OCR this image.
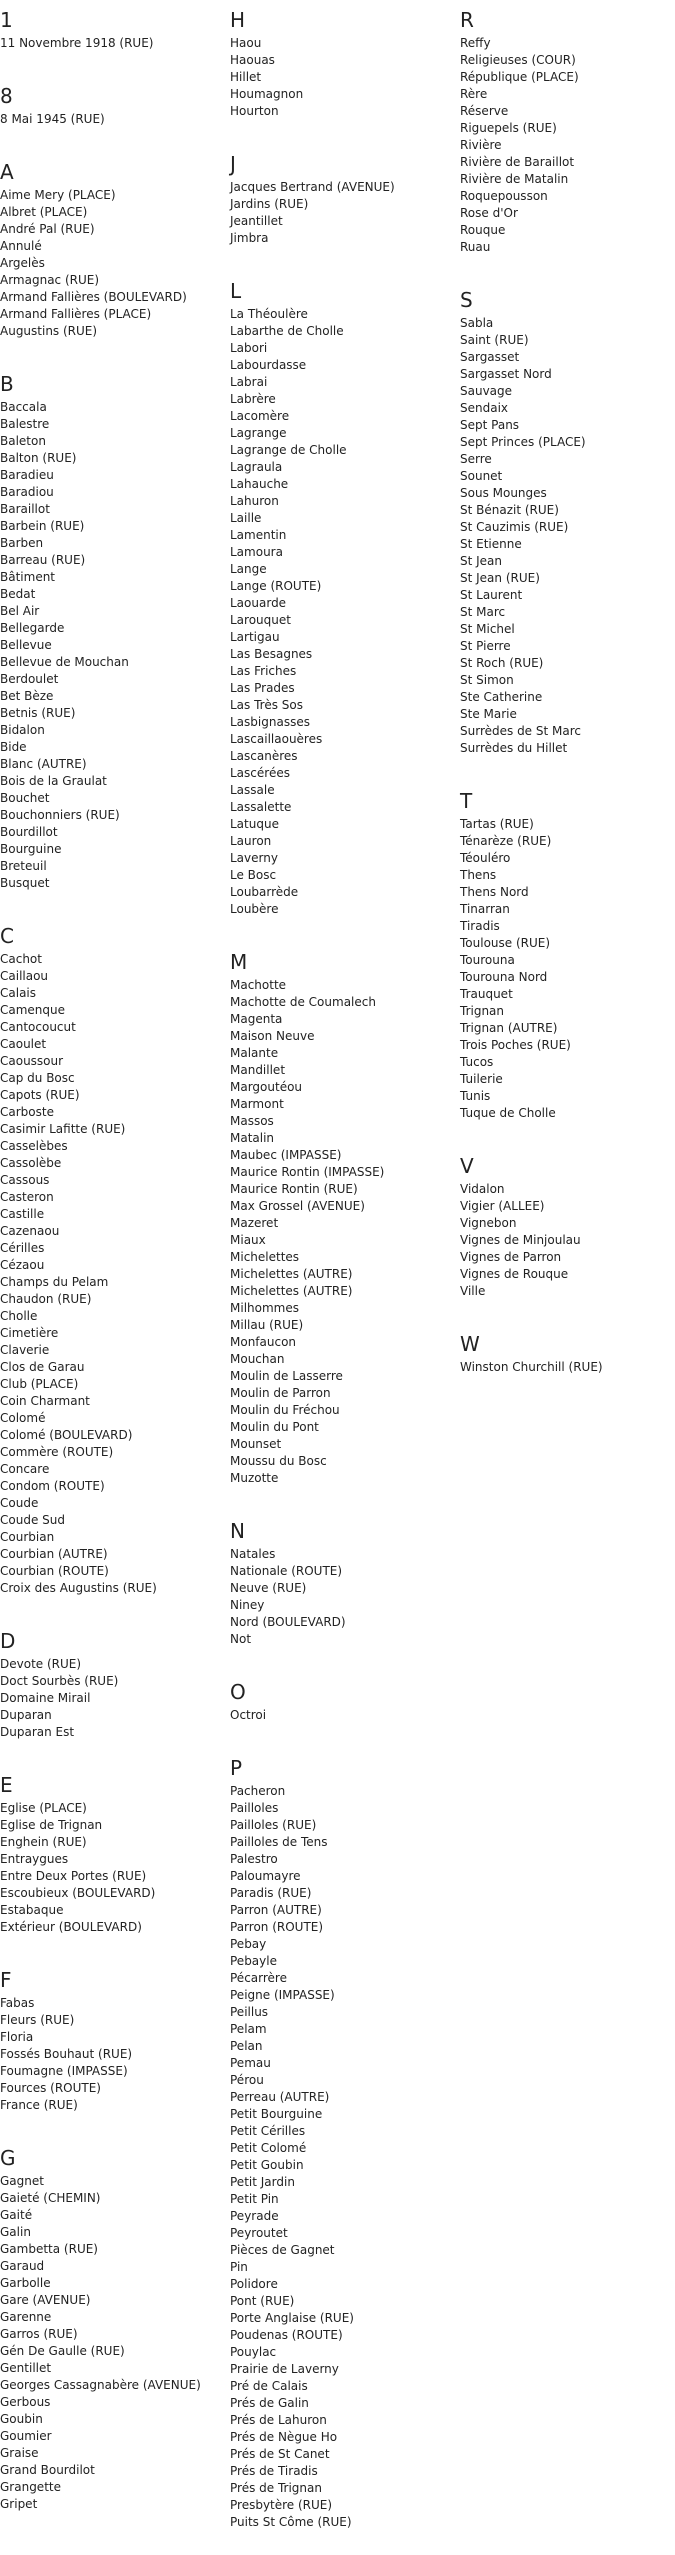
1
11 Novembre 1918 (RUE)
8
8 Mai 1945 (RUE)
A
Aime Mery (PLACE)
Albret (PLACE)
André Pal (RUE)
Annulé
Argelès
Armagnac (RUE)
Armand Fallières (BOULEVARD)
Armand Fallières (PLACE)
Augustins (RUE)
B
Baccala
Balestre
Baleton
Balton (RUE)
Baradieu
Baradiou
Baraillot
Barbein (RUE)
Barben
Barreau (RUE)
Bâtiment
Bedat
Bel Air
Bellegarde
Bellevue
Bellevue de Mouchan
Berdoulet
Bet Bèze
Betnis (RUE)
Bidalon
Bide
Blanc (AUTRE)
Bois de la Graulat
Bouchet
Bouchonniers (RUE)
Bourdillot
Bourguine
Breteuil
Busquet
C
Cachot
Caillaou
Calais
Camenque
Cantocoucut
Caoulet
Caoussour
Cap du Bosc
Capots (RUE)
Carboste
Casimir Lafitte (RUE)
Casselèbes
Cassolèbe
Cassous
Casteron
Castille
Cazenaou
Cérilles
Cézaou
Champs du Pelam
Chaudon (RUE)
Cholle
Cimetière
Claverie
Clos de Garau
Club (PLACE)
Coin Charmant
Colomé
Colomé (BOULEVARD)
Commère (ROUTE)
Concare
Condom (ROUTE)
Coude
Coude Sud
Courbian
Courbian (AUTRE)
Courbian (ROUTE)
Croix des Augustins (RUE)
D
Devote (RUE)
Doct Sourbès (RUE)
Domaine Mirail
Duparan
Duparan Est
E
Eglise (PLACE)
Eglise de Trignan
Enghein (RUE)
Entraygues
Entre Deux Portes (RUE)
Escoubieux (BOULEVARD)
Estabaque
Extérieur (BOULEVARD)
F
Fabas
Fleurs (RUE)
Floria
Fossés Bouhaut (RUE)
Foumagne (IMPASSE)
Fources (ROUTE)
France (RUE)
G
Gagnet
Gaieté (CHEMIN)
Gaité
Galin
Gambetta (RUE)
Garaud
Garbolle
Gare (AVENUE)
Garenne
Garros (RUE)
Gén De Gaulle (RUE)
Gentillet
Georges Cassagnabère (AVENUE)
Gerbous
Goubin
Goumier
Graise
Grand Bourdilot
Grangette
Gripet
H
Haou
Haouas
Hillet
Houmagnon
Hourton
J
Jacques Bertrand (AVENUE)
Jardins (RUE)
Jeantillet
Jimbra
L
La Théoulère
Labarthe de Cholle
Labori
Labourdasse
Labrai
Labrère
Lacomère
Lagrange
Lagrange de Cholle
Lagraula
Lahauche
Lahuron
Laille
Lamentin
Lamoura
Lange
Lange (ROUTE)
Laouarde
Larouquet
Lartigau
Las Besagnes
Las Friches
Las Prades
Las Très Sos
Lasbignasses
Lascaillaouères
Lascanères
Lascérées
Lassale
Lassalette
Latuque
Lauron
Laverny
Le Bosc
Loubarrède
Loubère
M
Machotte
Machotte de Coumalech
Magenta
Maison Neuve
Malante
Mandillet
Margoutéou
Marmont
Massos
Matalin
Maubec (IMPASSE)
Maurice Rontin (IMPASSE)
Maurice Rontin (RUE)
Max Grossel (AVENUE)
Mazeret
Miaux
Michelettes
Michelettes (AUTRE)
Michelettes (AUTRE)
Milhommes
Millau (RUE)
Monfaucon
Mouchan
Moulin de Lasserre
Moulin de Parron
Moulin du Fréchou
Moulin du Pont
Mounset
Moussu du Bosc
Muzotte
N
Natales
Nationale (ROUTE)
Neuve (RUE)
Niney
Nord (BOULEVARD)
Not
O
Octroi
P
Pacheron
Pailloles
Pailloles (RUE)
Pailloles de Tens
Palestro
Paloumayre
Paradis (RUE)
Parron (AUTRE)
Parron (ROUTE)
Pebay
Pebayle
Pécarrère
Peigne (IMPASSE)
Peillus
Pelam
Pelan
Pemau
Pérou
Perreau (AUTRE)
Petit Bourguine
Petit Cérilles
Petit Colomé
Petit Goubin
Petit Jardin
Petit Pin
Peyrade
Peyroutet
Pièces de Gagnet
Pin
Polidore
Pont (RUE)
Porte Anglaise (RUE)
Poudenas (ROUTE)
Pouylac
Prairie de Laverny
Pré de Calais
Prés de Galin
Prés de Lahuron
Prés de Nègue Ho
Prés de St Canet
Prés de Tiradis
Prés de Trignan
Presbytère (RUE)
Puits St Côme (RUE)
R
Reffy
Religieuses (COUR)
République (PLACE)
Rère
Réserve
Riguepels (RUE)
Rivière
Rivière de Baraillot
Rivière de Matalin
Roquepousson
Rose d'Or
Rouque
Ruau
S
Sabla
Saint (RUE)
Sargasset
Sargasset Nord
Sauvage
Sendaix
Sept Pans
Sept Princes (PLACE)
Serre
Sounet
Sous Mounges
St Bénazit (RUE)
St Cauzimis (RUE)
St Etienne
St Jean
St Jean (RUE)
St Laurent
St Marc
St Michel
St Pierre
St Roch (RUE)
St Simon
Ste Catherine
Ste Marie
Surrèdes de St Marc
Surrèdes du Hillet
T
Tartas (RUE)
Ténarèze (RUE)
Téouléro
Thens
Thens Nord
Tinarran
Tiradis
Toulouse (RUE)
Tourouna
Tourouna Nord
Trauquet
Trignan
Trignan (AUTRE)
Trois Poches (RUE)
Tucos
Tuilerie
Tunis
Tuque de Cholle
V
Vidalon
Vigier (ALLEE)
Vignebon
Vignes de Minjoulau
Vignes de Parron
Vignes de Rouque
Ville
W
Winston Churchill (RUE)
